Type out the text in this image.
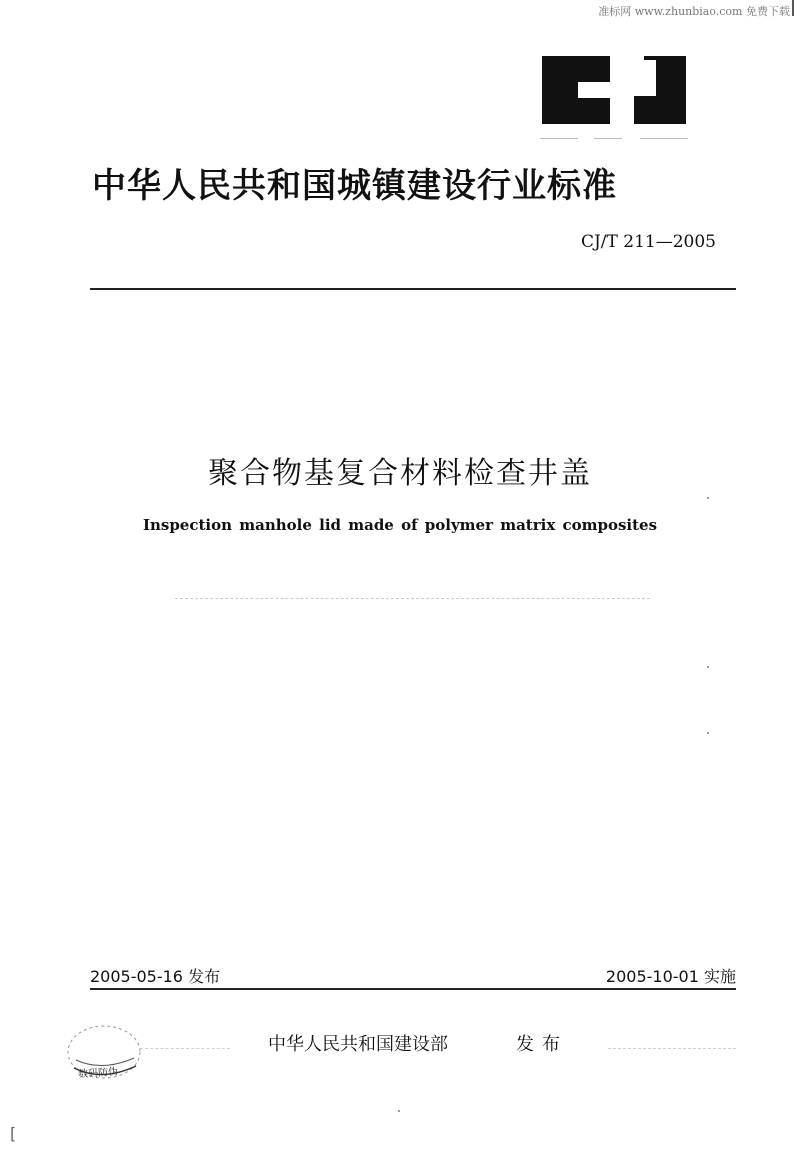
准标网 www.zhunbiao.com 免费下载
中华人民共和国城镇建设行业标准
CJ/T 211—2005
聚合物基复合材料检查井盖
Inspection manhole lid made of polymer matrix composites
2005-05-16 发布	2005-10-01 实施
中华人民共和国建设部	发布
数码防伪
[
